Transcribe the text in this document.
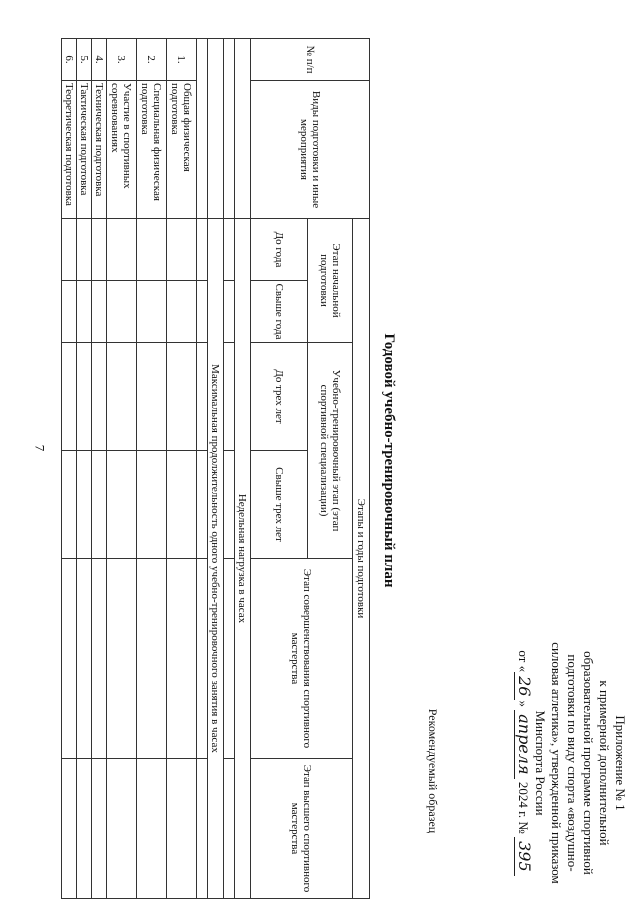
7
Приложение № 1
к примерной дополнительной
образовательной программе спортивной
подготовки по виду спорта «воздушно-
силовая атлетика», утвержденной приказом
Минспорта России
от «26» апреля 2024 г. № 395
Рекомендуемый образец
Годовой учебно-тренировочный план
№ п/п	Виды подготовки и иные мероприятия	Этапы и годы подготовки					
		Этап начальной подготовки		Учебно-тренировочный этап (этап спортивной специализации)		Этап совершенствования спортивного мастерства	Этап высшего спортивного мастерства
		До года	Свыше года	До трех лет	Свыше трех лет		
		Недельная нагрузка в часах					

		Максимальная продолжительность одного учебно-тренировочного занятия в часах					

1.	Общая физическая подготовка						
2.	Специальная физическая подготовка						
3.	Участие в спортивных соревнованиях						
4.	Техническая подготовка						
5.	Тактическая подготовка						
6.	Теоретическая подготовка						
